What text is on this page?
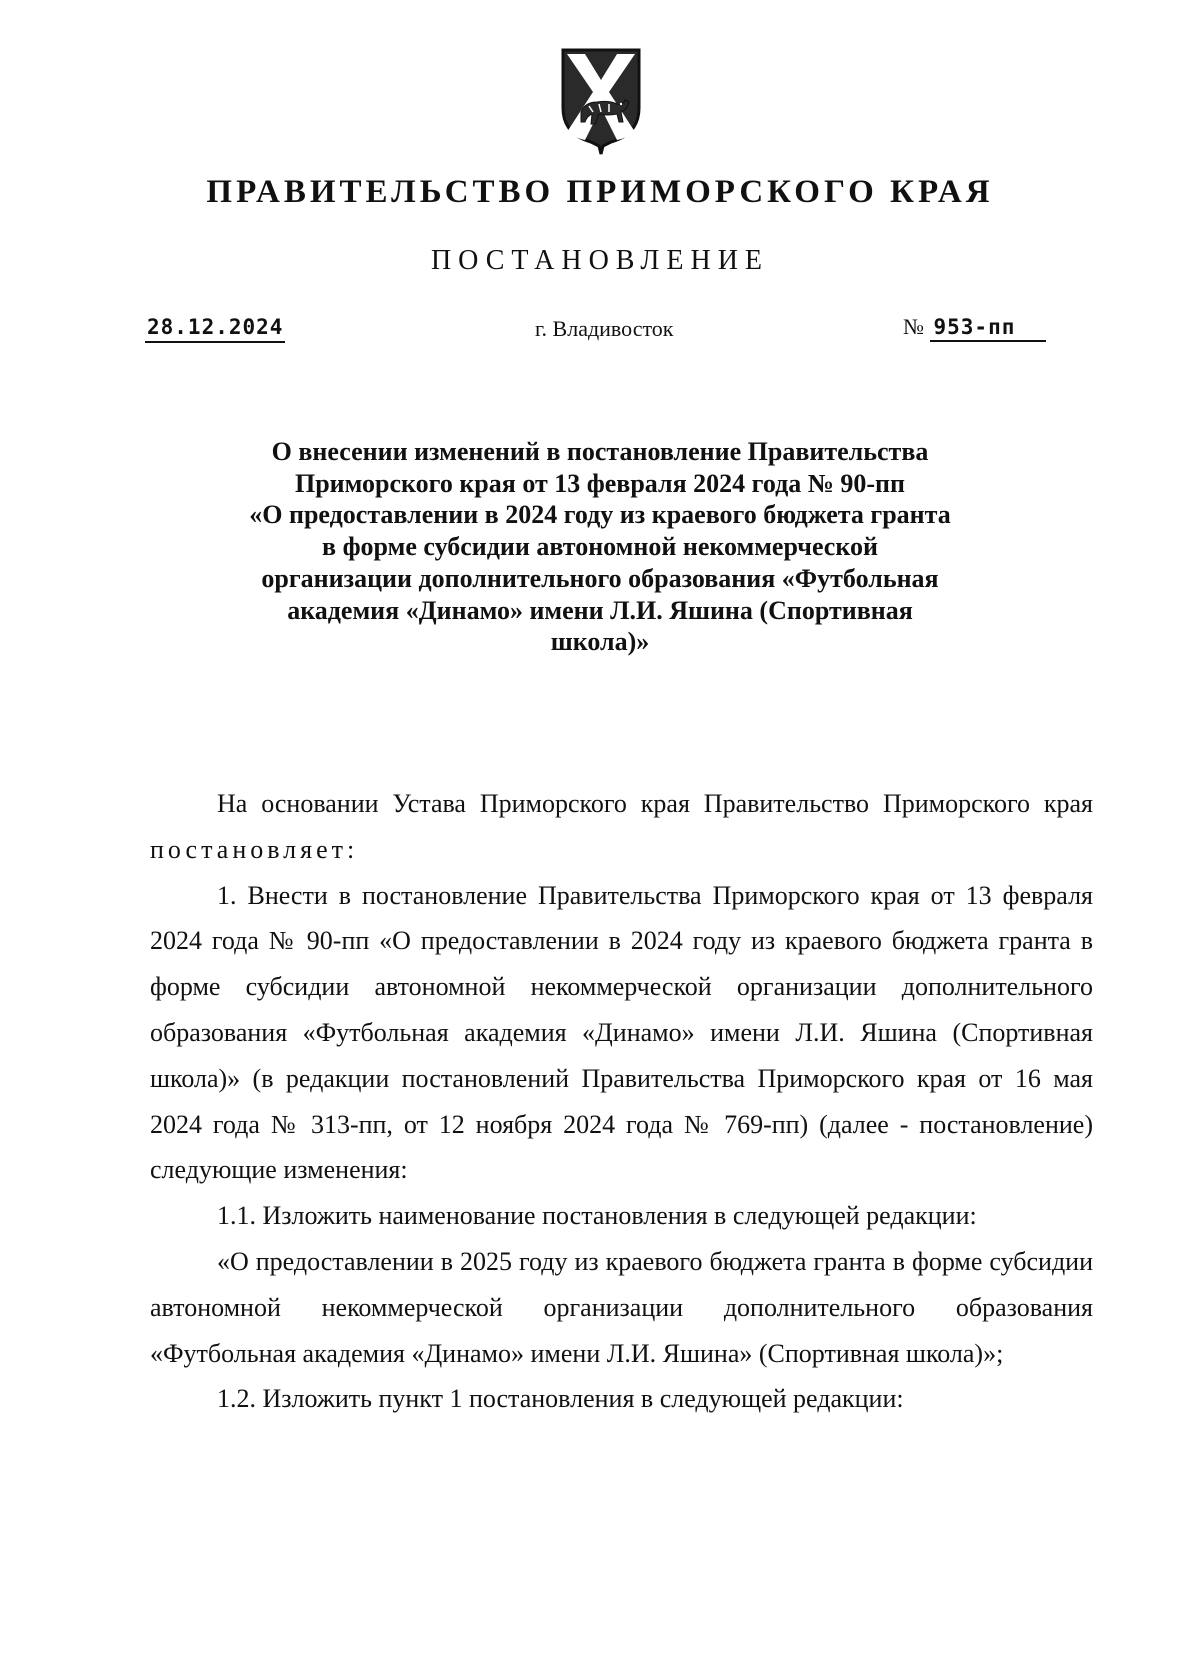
ПРАВИТЕЛЬСТВО ПРИМОРСКОГО КРАЯ
ПОСТАНОВЛЕНИЕ
28.12.2024	г. Владивосток	№ 953-пп
О внесении изменений в постановление Правительства
Приморского края от 13 февраля 2024 года № 90-пп
«О предоставлении в 2024 году из краевого бюджета гранта
в форме субсидии автономной некоммерческой
организации дополнительного образования «Футбольная
академия «Динамо» имени Л.И. Яшина (Спортивная
школа)»

На основании Устава Приморского края Правительство Приморского края постановляет:

1. Внести в постановление Правительства Приморского края от 13 февраля 2024 года № 90-пп «О предоставлении в 2024 году из краевого бюджета гранта в форме субсидии автономной некоммерческой организации дополнительного образования «Футбольная академия «Динамо» имени Л.И. Яшина (Спортивная школа)» (в редакции постановлений Правительства Приморского края от 16 мая 2024 года № 313-пп, от 12 ноября 2024 года № 769-пп) (далее - постановление) следующие изменения:

1.1. Изложить наименование постановления в следующей редакции:

«О предоставлении в 2025 году из краевого бюджета гранта в форме субсидии автономной некоммерческой организации дополнительного образования «Футбольная академия «Динамо» имени Л.И. Яшина» (Спортивная школа)»;

1.2. Изложить пункт 1 постановления в следующей редакции:
